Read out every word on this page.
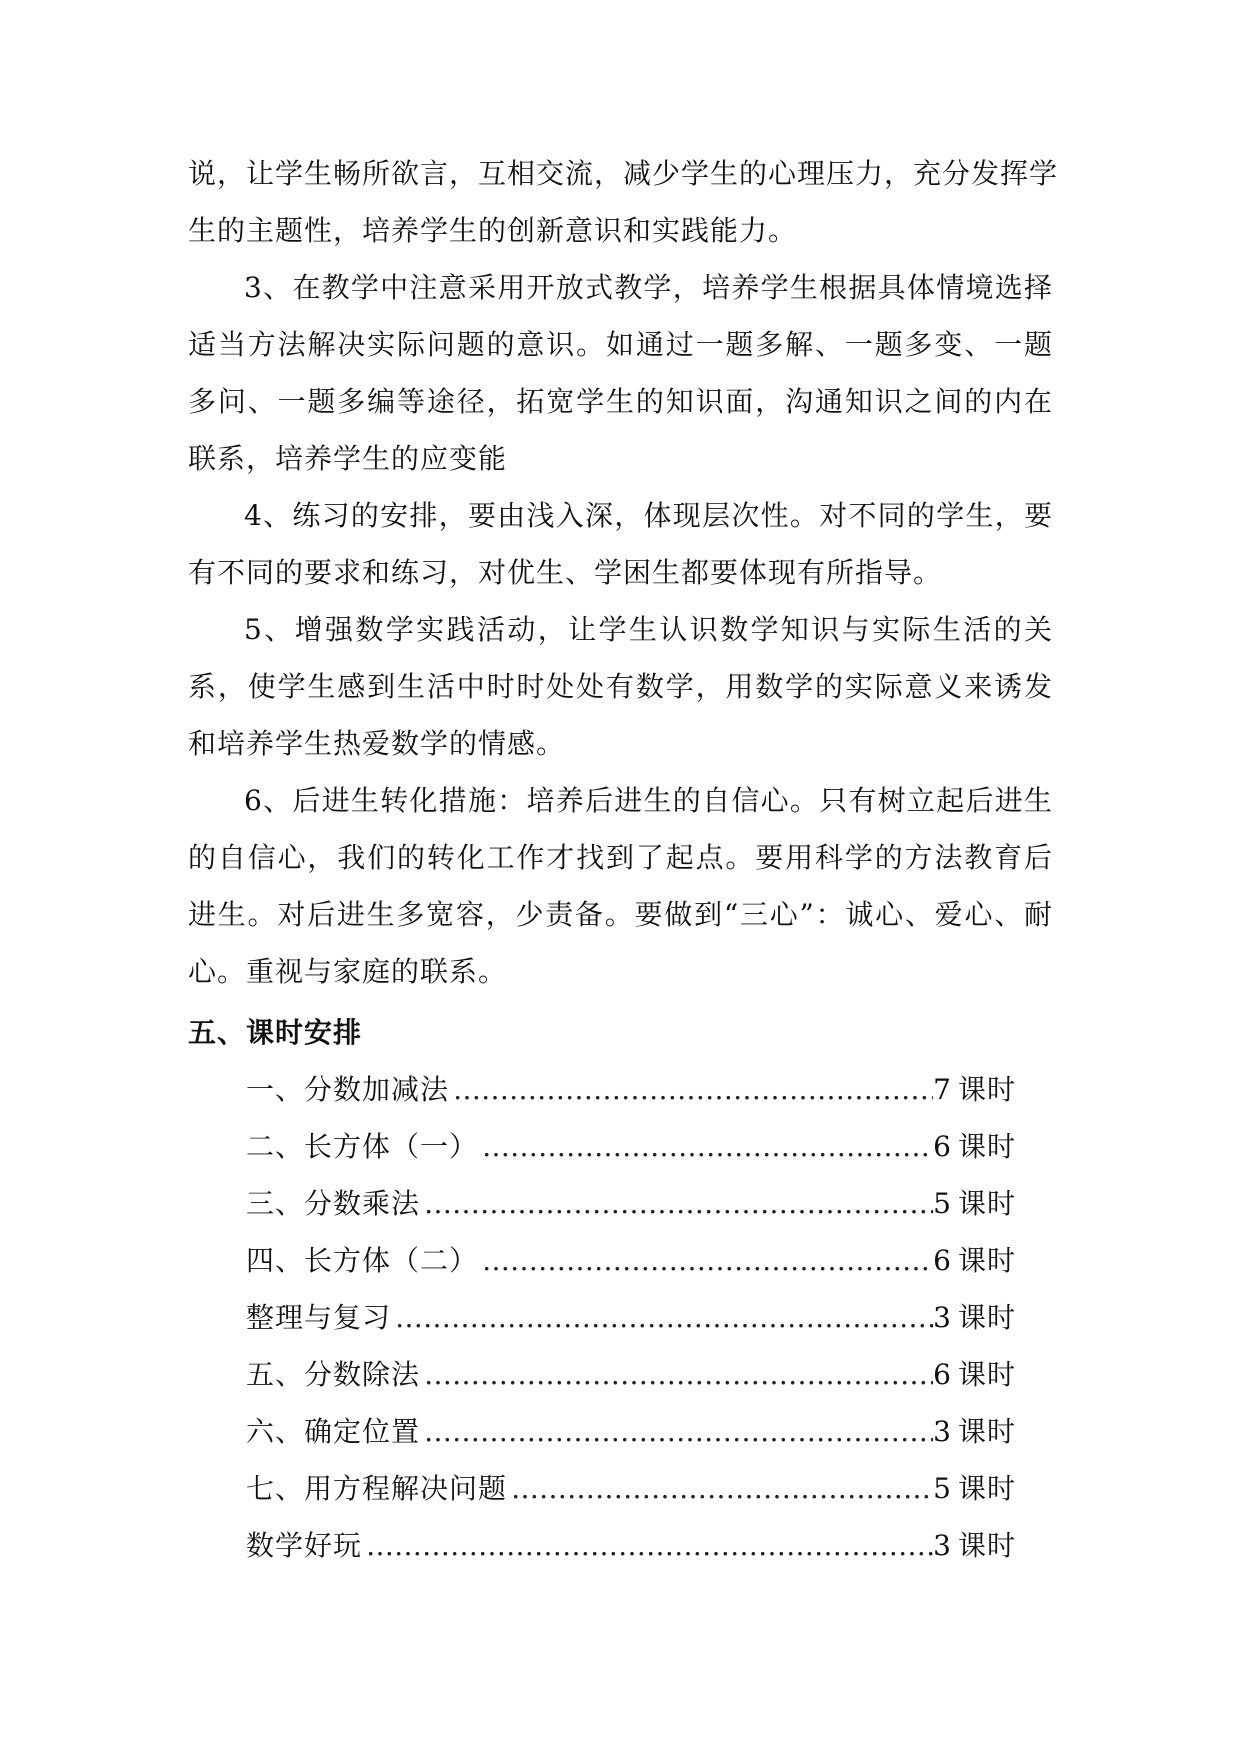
说，让学生畅所欲言，互相交流，减少学生的心理压力，充分发挥学
生的主题性，培养学生的创新意识和实践能力。

3、在教学中注意采用开放式教学，培养学生根据具体情境选择适当方法解决实际问题的意识。如通过一题多解、一题多变、一题多问、一题多编等途径，拓宽学生的知识面，沟通知识之间的内在联系，培养学生的应变能

4、练习的安排，要由浅入深，体现层次性。对不同的学生，要有不同的要求和练习，对优生、学困生都要体现有所指导。

5、增强数学实践活动，让学生认识数学知识与实际生活的关系，使学生感到生活中时时处处有数学，用数学的实际意义来诱发和培养学生热爱数学的情感。

6、后进生转化措施：培养后进生的自信心。只有树立起后进生的自信心，我们的转化工作才找到了起点。要用科学的方法教育后进生。对后进生多宽容，少责备。要做到“三心”：诚心、爱心、耐心。重视与家庭的联系。

五、课时安排
一、分数加减法 ………………………………………………………………………………………………………………	7 课时
二、长方体（一） ………………………………………………………………………………………………………………	6 课时
三、分数乘法 ………………………………………………………………………………………………………………	5 课时
四、长方体（二） ………………………………………………………………………………………………………………	6 课时
整理与复习 ………………………………………………………………………………………………………………	3 课时
五、分数除法 ………………………………………………………………………………………………………………	6 课时
六、确定位置 ………………………………………………………………………………………………………………	3 课时
七、用方程解决问题 ………………………………………………………………………………………………………………	5 课时
数学好玩 ………………………………………………………………………………………………………………	3 课时
